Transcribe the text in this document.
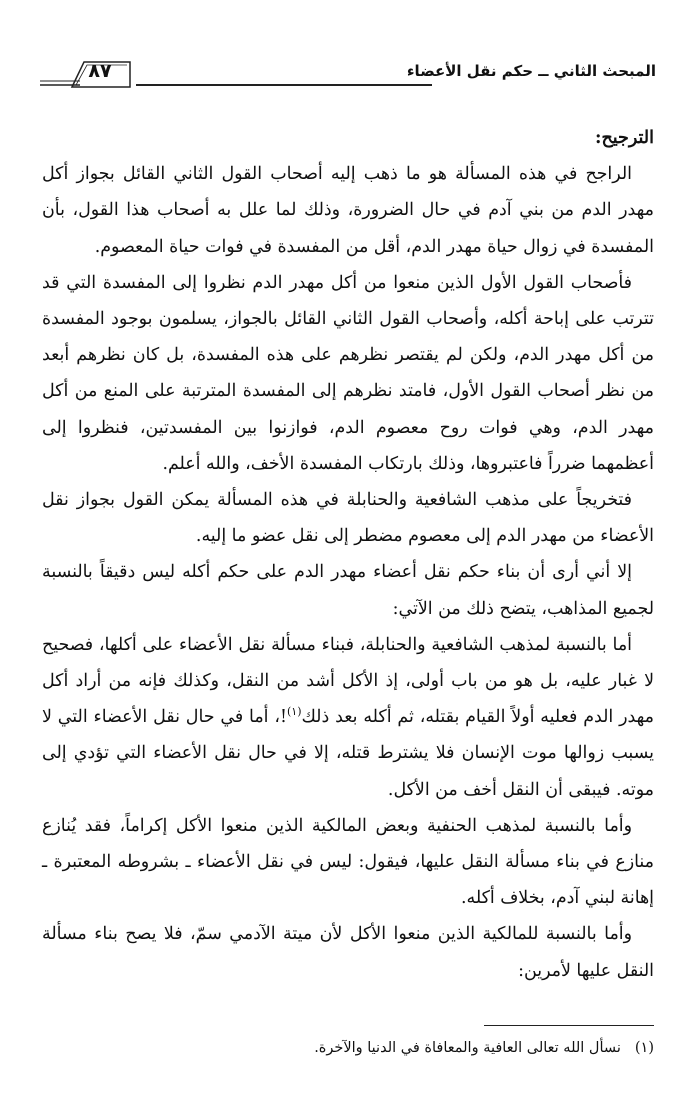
٨٧	المبحث الثاني ــ حكم نقل الأعضاء

الترجيح:

الراجح في هذه المسألة هو ما ذهب إليه أصحاب القول الثاني القائل بجواز أكل مهدر الدم من بني آدم في حال الضرورة، وذلك لما علل به أصحاب هذا القول، بأن المفسدة في زوال حياة مهدر الدم، أقل من المفسدة في فوات حياة المعصوم.

فأصحاب القول الأول الذين منعوا من أكل مهدر الدم نظروا إلى المفسدة التي قد تترتب على إباحة أكله، وأصحاب القول الثاني القائل بالجواز، يسلمون بوجود المفسدة من أكل مهدر الدم، ولكن لم يقتصر نظرهم على هذه المفسدة، بل كان نظرهم أبعد من نظر أصحاب القول الأول، فامتد نظرهم إلى المفسدة المترتبة على المنع من أكل مهدر الدم، وهي فوات روح معصوم الدم، فوازنوا بين المفسدتين، فنظروا إلى أعظمهما ضرراً فاعتبروها، وذلك بارتكاب المفسدة الأخف، والله أعلم.

فتخريجاً على مذهب الشافعية والحنابلة في هذه المسألة يمكن القول بجواز نقل الأعضاء من مهدر الدم إلى معصوم مضطر إلى نقل عضو ما إليه.

إلا أني أرى أن بناء حكم نقل أعضاء مهدر الدم على حكم أكله ليس دقيقاً بالنسبة لجميع المذاهب، يتضح ذلك من الآتي:

أما بالنسبة لمذهب الشافعية والحنابلة، فبناء مسألة نقل الأعضاء على أكلها، فصحيح لا غبار عليه، بل هو من باب أولى، إذ الأكل أشد من النقل، وكذلك فإنه من أراد أكل مهدر الدم فعليه أولاً القيام بقتله، ثم أكله بعد ذلك$^{(١)}$!، أما في حال نقل الأعضاء التي لا يسبب زوالها موت الإنسان فلا يشترط قتله، إلا في حال نقل الأعضاء التي تؤدي إلى موته. فيبقى أن النقل أخف من الأكل.

وأما بالنسبة لمذهب الحنفية وبعض المالكية الذين منعوا الأكل إكراماً، فقد يُنازع منازع في بناء مسألة النقل عليها، فيقول: ليس في نقل الأعضاء ـ بشروطه المعتبرة ـ إهانة لبني آدم، بخلاف أكله.

وأما بالنسبة للمالكية الذين منعوا الأكل لأن ميتة الآدمي سمّ، فلا يصح بناء مسألة النقل عليها لأمرين:

(١)نسأل الله تعالى العافية والمعافاة في الدنيا والآخرة.
